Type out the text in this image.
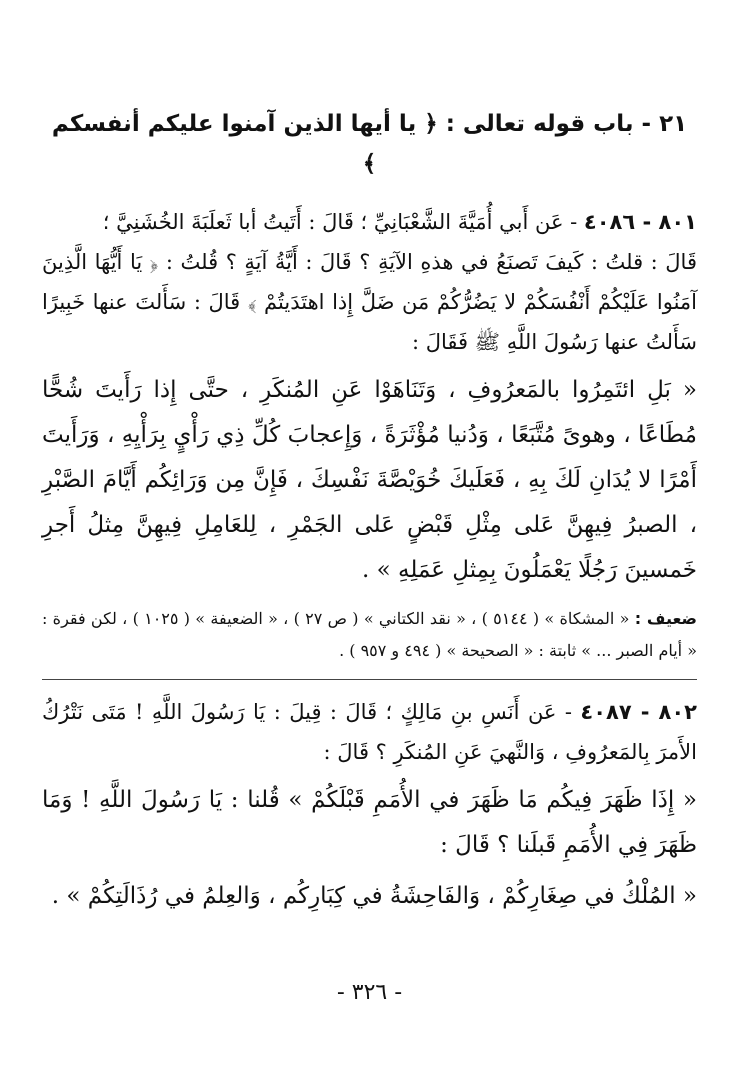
٢١ - باب قوله تعالى : ﴿ يا أيها الذين آمنوا عليكم أنفسكم ﴾

٨٠١ - ٤٠٨٦ - عَن أَبي أُمَيَّةَ الشَّعْبَانِيِّ ؛ قَالَ : أَتَيتُ أبا ثَعلَبَةَ الخُشَنِيَّ ؛
قَالَ : قلتُ : كَيفَ تَصنَعُ في هذهِ الآيَةِ ؟ قَالَ : أَيَّةُ آيَةٍ ؟ قُلتُ : ﴿ يَا أَيُّهَا الَّذِينَ آمَنُوا عَلَيْكُمْ أَنْفُسَكُمْ لا يَضُرُّكُمْ مَن ضَلَّ إِذا اهتَدَيتُمْ ﴾ قَالَ : سَأَلتَ عنها خَبِيرًا سَأَلتُ عنها رَسُولَ اللَّهِ ﷺ فَقَالَ :

« بَلِ ائتَمِرُوا بالمَعرُوفِ ، وَتَنَاهَوْا عَنِ المُنكَرِ ، حتَّى إِذا رَأَيتَ شُحًّا مُطَاعًا ، وهوىً مُتَّبَعًا ، وَدُنيا مُؤْثَرَةً ، وَإِعجابَ كُلِّ ذِي رَأْيٍ بِرَأْيِهِ ، وَرَأَيتَ أَمْرًا لا يُدَانِ لَكَ بِهِ ، فَعَلَيكَ خُوَيْصَّةَ نَفْسِكَ ، فَإِنَّ مِن وَرَائِكُم أَيَّامَ الصَّبْرِ ، الصبرُ فِيهِنَّ عَلى مِثْلِ قَبْضٍ عَلى الجَمْرِ ، لِلعَامِلِ فِيهِنَّ مِثلُ أَجرِ خَمسينَ رَجُلًا يَعْمَلُونَ بِمِثلِ عَمَلِهِ » .

ضعيف : « المشكاة » ( ٥١٤٤ ) ، « نقد الكتاني » ( ص ٢٧ ) ، « الضعيفة » ( ١٠٢٥ ) ، لكن فقرة : « أيام الصبر ... » ثابتة : « الصحيحة » ( ٤٩٤ و ٩٥٧ ) .

٨٠٢ - ٤٠٨٧ - عَن أَنَسِ بنِ مَالِكٍ ؛ قَالَ : قِيلَ : يَا رَسُولَ اللَّهِ ! مَتَى نَتْرُكُ الأَمرَ بِالمَعرُوفِ ، وَالنَّهيَ عَنِ المُنكَرِ ؟ قَالَ :

« إِذَا ظَهَرَ فِيكُم مَا ظَهَرَ في الأُمَمِ قَبْلَكُمْ » قُلنا : يَا رَسُولَ اللَّهِ ! وَمَا ظَهَرَ فِي الأُمَمِ قَبلَنا ؟ قَالَ :

« المُلْكُ في صِغَارِكُمْ ، وَالفَاحِشَةُ في كِبَارِكُم ، وَالعِلمُ في رُذَالَتِكُمْ » .

- ٣٢٦ -
